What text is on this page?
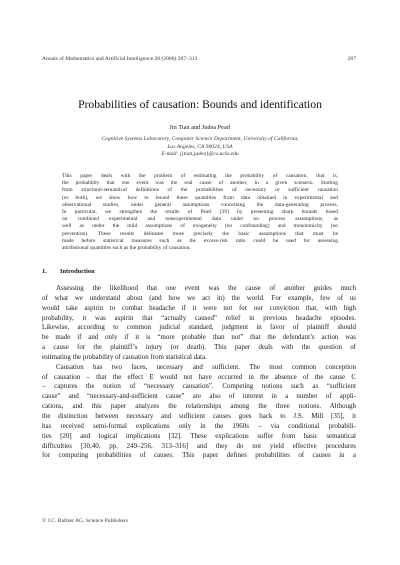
Annals of Mathematics and Artificial Intelligence 28 (2000) 287–313	287
Probabilities of causation: Bounds and identification
Jin Tian and Judea Pearl
Cognitive Systems Laboratory, Computer Science Department, University of California,
Los Angeles, CA 90024, USA
E-mail: {jtian,judea}@cs.ucla.edu
This paper deals with the problem of estimating the probability of causation, that is,
the probability that one event was the real cause of another, in a given scenario. Starting
from structural-semantical definitions of the probabilities of necessary or sufficient causation
(or both), we show how to bound these quantities from data obtained in experimental and
observational studies, under general assumptions concerning the data-generating process.
In particular, we strengthen the results of Pearl [39] by presenting sharp bounds based
on combined experimental and nonexperimental data under no process assumptions, as
well as under the mild assumptions of exogeneity (no confounding) and monotonicity (no
prevention). These results delineate more precisely the basic assumptions that must be
made before statistical measures such as the excess-risk ratio could be used for assessing
attributional quantities such as the probability of causation.
1. Introduction
Assessing the likelihood that one event was the cause of another guides much
of what we understand about (and how we act in) the world. For example, few of us
would take aspirin to combat headache if it were not for our conviction that, with high
probability, it was aspirin that “actually caused” relief in previous headache episodes.
Likewise, according to common judicial standard, judgment in favor of plaintiff should
be made if and only if it is “more probable than not” that the defendant’s action was
a cause for the plaintiff’s injury (or death). This paper deals with the question of
estimating the probability of causation from statistical data.
Causation has two faces, necessary and sufficient. The most common conception
of causation – that the effect E would not have occurred in the absence of the cause C
– captures the notion of “necessary causation”. Competing notions such as “sufficient
cause” and “necessary-and-sufficient cause” are also of interest in a number of appli-
cations, and this paper analyzes the relationships among the three notions. Although
the distinction between necessary and sufficient causes goes back to J.S. Mill [35], it
has received semi-formal explications only in the 1960s – via conditional probabili-
ties [20] and logical implications [32]. These explications suffer from basic semantical
difficulties [30,40, pp. 249–256, 313–316] and they do not yield effective procedures
for computing probabilities of causes. This paper defines probabilities of causes in a
© J.C. Baltzer AG, Science Publishers
